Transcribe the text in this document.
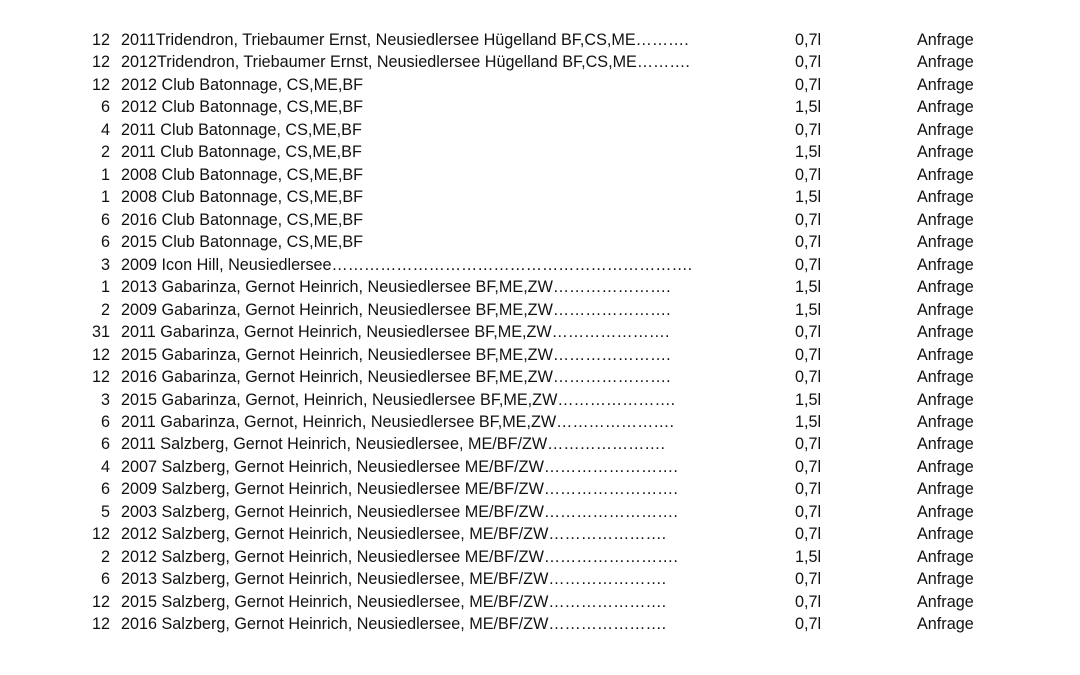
12 2011Tridendron, Triebaumer Ernst, Neusiedlersee Hügelland BF,CS,ME……….	0,7l	Anfrage
12 2012Tridendron, Triebaumer Ernst, Neusiedlersee Hügelland BF,CS,ME……….	0,7l	Anfrage
12 2012 Club Batonnage, CS,ME,BF	0,7l	Anfrage
6 2012 Club Batonnage, CS,ME,BF	1,5l	Anfrage
4 2011 Club Batonnage, CS,ME,BF	0,7l	Anfrage
2 2011 Club Batonnage, CS,ME,BF	1,5l	Anfrage
1 2008 Club Batonnage, CS,ME,BF	0,7l	Anfrage
1 2008 Club Batonnage, CS,ME,BF	1,5l	Anfrage
6 2016 Club Batonnage, CS,ME,BF	0,7l	Anfrage
6 2015 Club Batonnage, CS,ME,BF	0,7l	Anfrage
3 2009 Icon Hill, Neusiedlersee………………………………………………………….	0,7l	Anfrage
1 2013 Gabarinza, Gernot Heinrich, Neusiedlersee BF,ME,ZW………………….	1,5l	Anfrage
2 2009 Gabarinza, Gernot Heinrich, Neusiedlersee BF,ME,ZW………………….	1,5l	Anfrage
31 2011 Gabarinza, Gernot Heinrich, Neusiedlersee BF,ME,ZW………………….	0,7l	Anfrage
12 2015 Gabarinza, Gernot Heinrich, Neusiedlersee BF,ME,ZW………………….	0,7l	Anfrage
12 2016 Gabarinza, Gernot Heinrich, Neusiedlersee BF,ME,ZW………………….	0,7l	Anfrage
3 2015 Gabarinza, Gernot, Heinrich, Neusiedlersee BF,ME,ZW………………….	1,5l	Anfrage
6 2011 Gabarinza, Gernot, Heinrich, Neusiedlersee BF,ME,ZW………………….	1,5l	Anfrage
6 2011 Salzberg, Gernot Heinrich, Neusiedlersee, ME/BF/ZW………………….	0,7l	Anfrage
4 2007 Salzberg, Gernot Heinrich, Neusiedlersee ME/BF/ZW…………………….	0,7l	Anfrage
6 2009 Salzberg, Gernot Heinrich, Neusiedlersee ME/BF/ZW…………………….	0,7l	Anfrage
5 2003 Salzberg, Gernot Heinrich, Neusiedlersee ME/BF/ZW…………………….	0,7l	Anfrage
12 2012 Salzberg, Gernot Heinrich, Neusiedlersee, ME/BF/ZW………………….	0,7l	Anfrage
2 2012 Salzberg, Gernot Heinrich, Neusiedlersee ME/BF/ZW…………………….	1,5l	Anfrage
6 2013 Salzberg, Gernot Heinrich, Neusiedlersee, ME/BF/ZW………………….	0,7l	Anfrage
12 2015 Salzberg, Gernot Heinrich, Neusiedlersee, ME/BF/ZW………………….	0,7l	Anfrage
12 2016 Salzberg, Gernot Heinrich, Neusiedlersee, ME/BF/ZW………………….	0,7l	Anfrage
